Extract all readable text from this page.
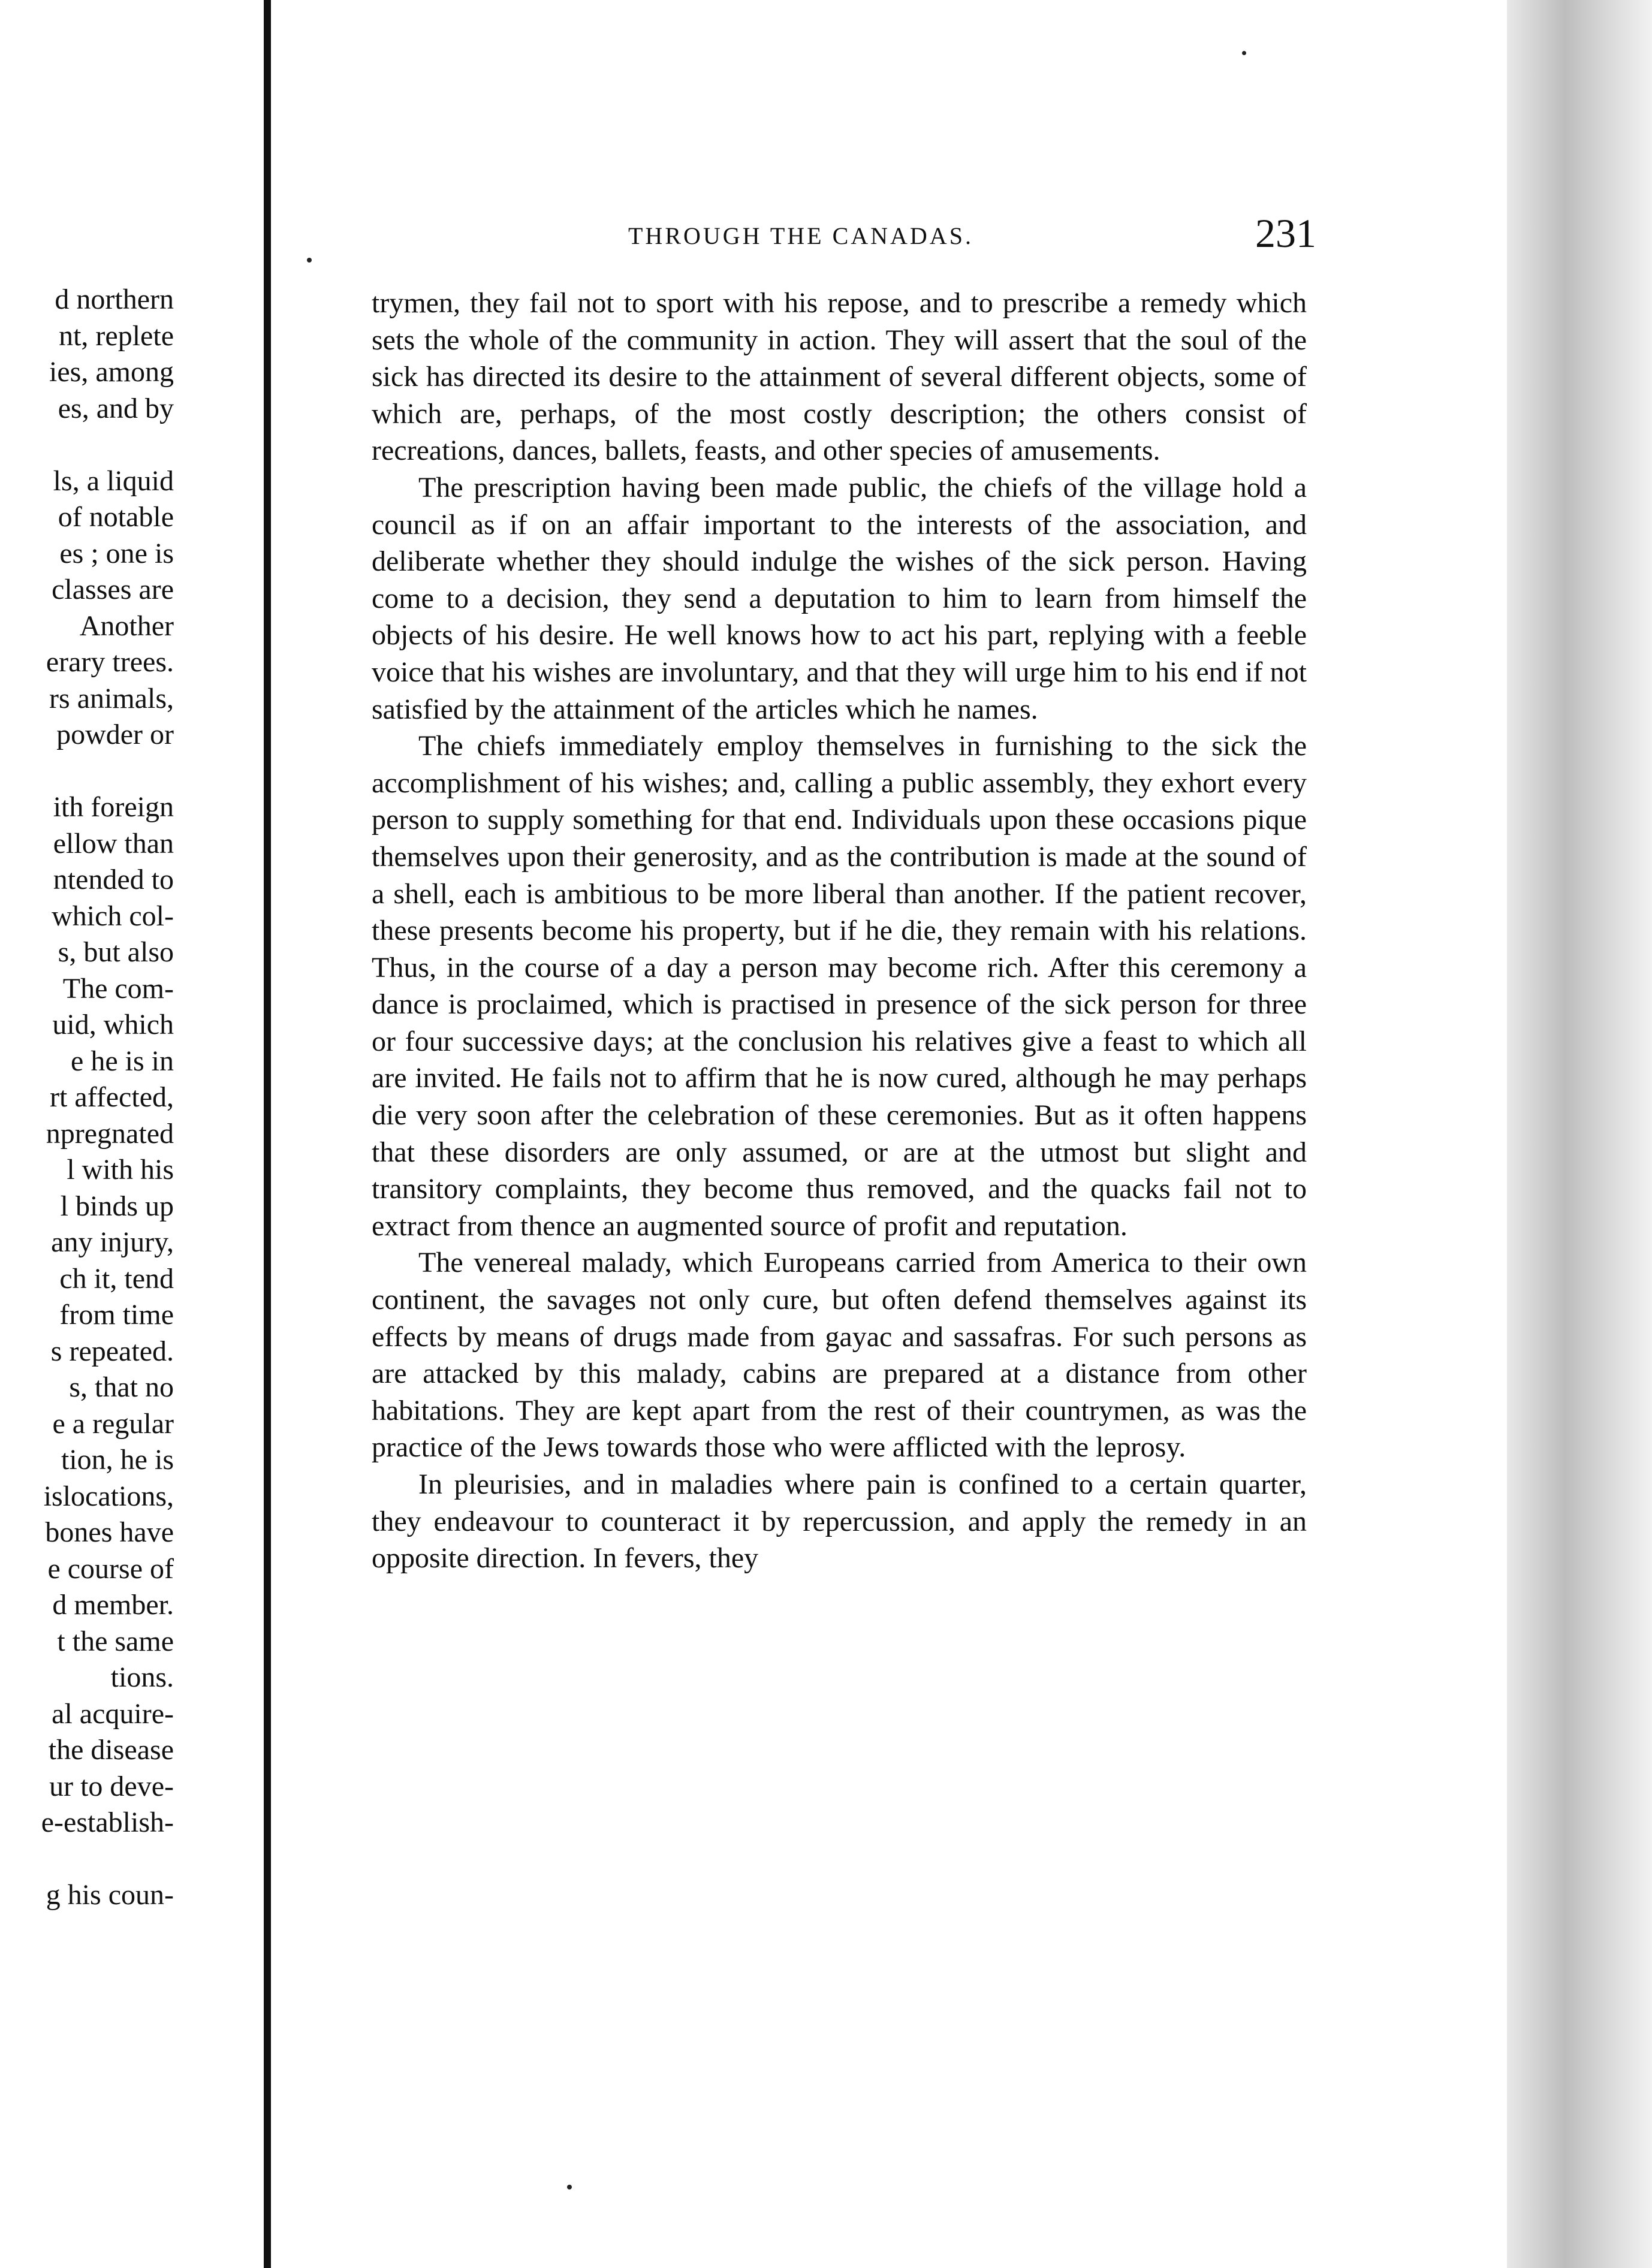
d northern
nt, replete
ies, among
es, and by

ls, a liquid
of notable
es ; one is
classes are
Another
erary trees.
rs animals,
powder or

ith foreign
ellow than
ntended to
which col-
s, but also
The com-
uid, which
e he is in
rt affected,
npregnated
l with his
l binds up
any injury,
ch it, tend
from time
s repeated.
s, that no
e a regular
tion, he is
islocations,
bones have
e course of
d member.
t the same
tions.
al acquire-
the disease
ur to deve-
e-establish-

g his coun-
THROUGH THE CANADAS.	231

trymen, they fail not to sport with his repose, and to prescribe a remedy which sets the whole of the community in action. They will assert that the soul of the sick has directed its desire to the attainment of several different objects, some of which are, perhaps, of the most costly description; the others consist of recreations, dances, ballets, feasts, and other species of amusements.

The prescription having been made public, the chiefs of the village hold a council as if on an affair important to the interests of the association, and deliberate whether they should indulge the wishes of the sick person. Having come to a decision, they send a deputation to him to learn from himself the objects of his desire. He well knows how to act his part, replying with a feeble voice that his wishes are involuntary, and that they will urge him to his end if not satisfied by the attainment of the articles which he names.

The chiefs immediately employ themselves in furnishing to the sick the accomplishment of his wishes; and, calling a public assembly, they exhort every person to supply something for that end. Individuals upon these occasions pique themselves upon their generosity, and as the contribution is made at the sound of a shell, each is ambitious to be more liberal than another. If the patient recover, these presents become his property, but if he die, they remain with his relations. Thus, in the course of a day a person may become rich. After this ceremony a dance is proclaimed, which is practised in presence of the sick person for three or four successive days; at the conclusion his relatives give a feast to which all are invited. He fails not to affirm that he is now cured, although he may perhaps die very soon after the celebration of these ceremonies. But as it often happens that these disorders are only assumed, or are at the utmost but slight and transitory complaints, they become thus removed, and the quacks fail not to extract from thence an augmented source of profit and reputation.

The venereal malady, which Europeans carried from America to their own continent, the savages not only cure, but often defend themselves against its effects by means of drugs made from gayac and sassafras. For such persons as are attacked by this malady, cabins are prepared at a distance from other habitations. They are kept apart from the rest of their countrymen, as was the practice of the Jews towards those who were afflicted with the leprosy.

In pleurisies, and in maladies where pain is confined to a certain quarter, they endeavour to counteract it by repercussion, and apply the remedy in an opposite direction. In fevers, they
